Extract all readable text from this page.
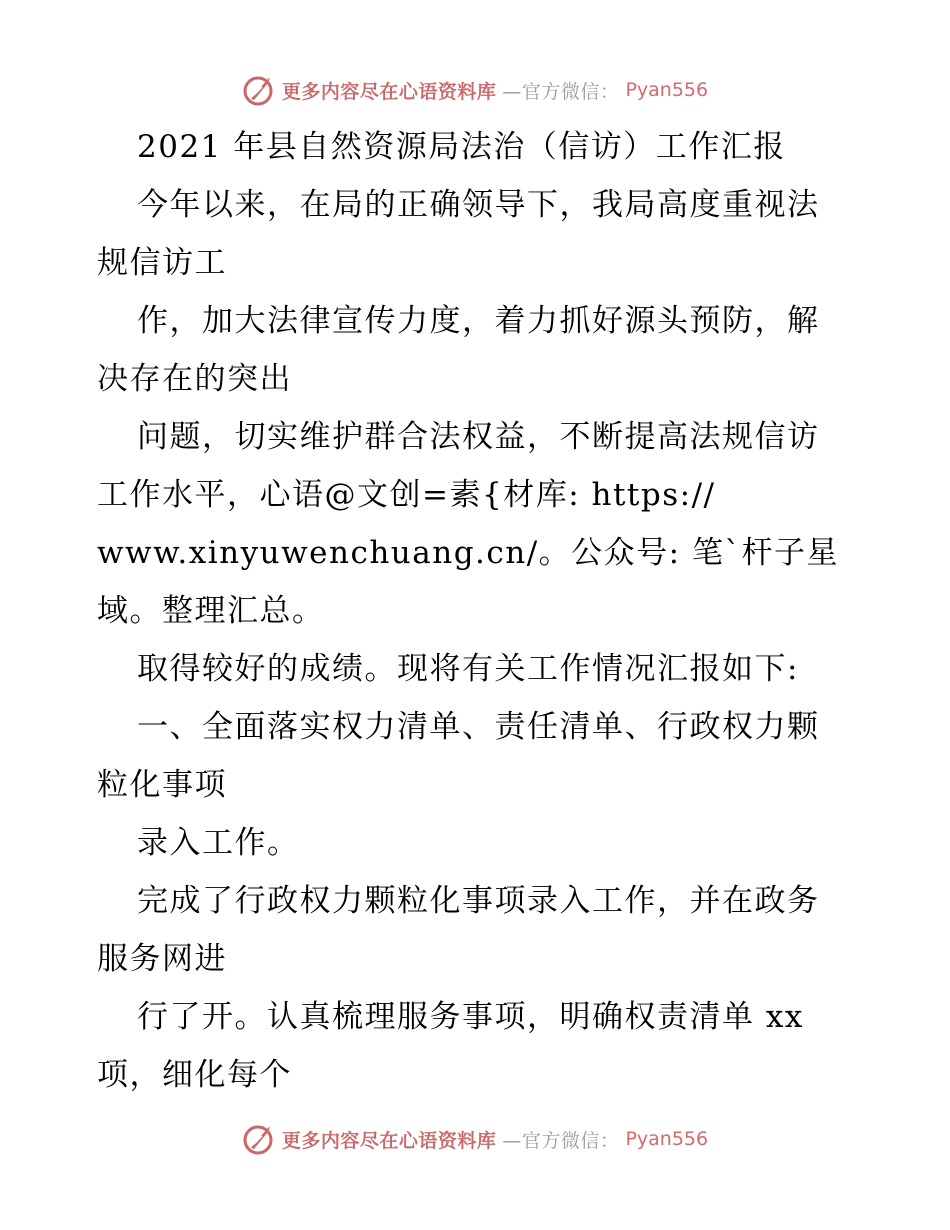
更多内容尽在心语资料库 —官方微信： Pyan556
2021 年县自然资源局法治（信访）工作汇报
今年以来，在局的正确领导下，我局高度重视法
规信访工
作，加大法律宣传力度，着力抓好源头预防，解
决存在的突出
问题，切实维护群合法权益，不断提高法规信访
工作水平，心语@文创=素{材库: https://
www.xinyuwenchuang.cn/。公众号: 笔`杆子星
域。整理汇总。
取得较好的成绩。现将有关工作情况汇报如下:
一、全面落实权力清单、责任清单、行政权力颗
粒化事项
录入工作。
完成了行政权力颗粒化事项录入工作，并在政务
服务网进
行了开。认真梳理服务事项，明确权责清单 xx
项，细化每个
更多内容尽在心语资料库 —官方微信： Pyan556
